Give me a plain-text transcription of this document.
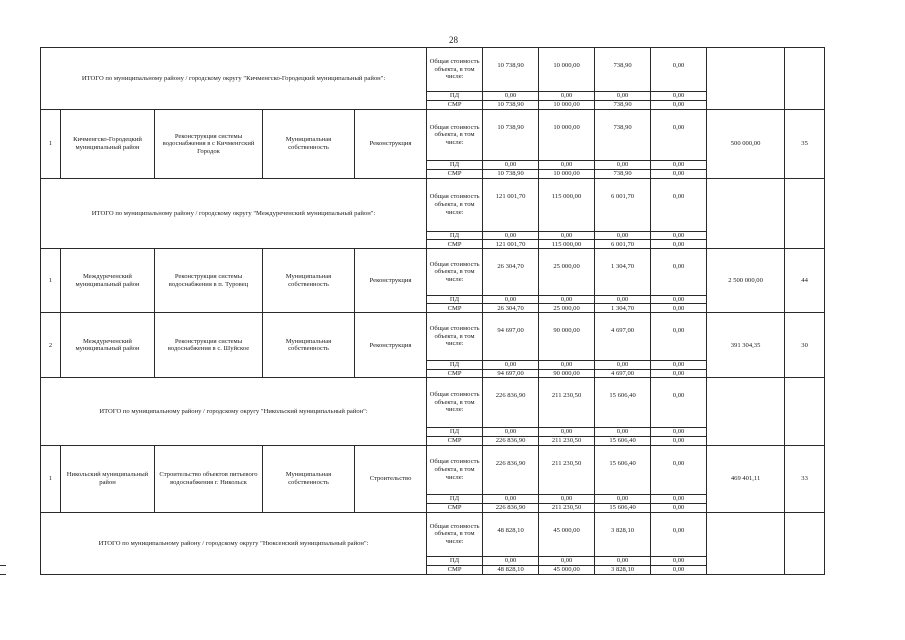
28
ИТОГО по муниципальному району / городскому округу "Кичменгско-Городецкий муниципальный район":					Общая стоимость объекта, в том числе:	10 738,90	10 000,00	738,90	0,00		
					ПД	0,00	0,00	0,00	0,00		
					СМР	10 738,90	10 000,00	738,90	0,00		
1	Кичменгско-Городецкий муниципальный район	Реконструкция системы водоснабжения в с Кичменгский Городок	Муниципальная собственность	Реконструкция	Общая стоимость объекта, в том числе:	10 738,90	10 000,00	738,90	0,00	500 000,00	35
					ПД	0,00	0,00	0,00	0,00		
					СМР	10 738,90	10 000,00	738,90	0,00		
ИТОГО по муниципальному району / городскому округу "Междуреченский муниципальный район":					Общая стоимость объекта, в том числе:	121 001,70	115 000,00	6 001,70	0,00		
					ПД	0,00	0,00	0,00	0,00		
					СМР	121 001,70	115 000,00	6 001,70	0,00		
1	Междуреченский муниципальный район	Реконструкция системы водоснабжения в п. Туровец	Муниципальная собственность	Реконструкция	Общая стоимость объекта, в том числе:	26 304,70	25 000,00	1 304,70	0,00	2 500 000,00	44
					ПД	0,00	0,00	0,00	0,00		
					СМР	26 304,70	25 000,00	1 304,70	0,00		
2	Междуреченский муниципальный район	Реконструкция системы водоснабжения в с. Шуйское	Муниципальная собственность	Реконструкция	Общая стоимость объекта, в том числе:	94 697,00	90 000,00	4 697,00	0,00	391 304,35	30
					ПД	0,00	0,00	0,00	0,00		
					СМР	94 697,00	90 000,00	4 697,00	0,00		
ИТОГО по муниципальному району / городскому округу "Никольский муниципальный район":					Общая стоимость объекта, в том числе:	226 836,90	211 230,50	15 606,40	0,00		
					ПД	0,00	0,00	0,00	0,00		
					СМР	226 836,90	211 230,50	15 606,40	0,00		
1	Никольский муниципальный район	Строительство объектов питьевого водоснабжения г. Никольск	Муниципальная собственность	Строительство	Общая стоимость объекта, в том числе:	226 836,90	211 230,50	15 606,40	0,00	469 401,11	33
					ПД	0,00	0,00	0,00	0,00		
					СМР	226 836,90	211 230,50	15 606,40	0,00		
ИТОГО по муниципальному району / городскому округу "Нюксенский муниципальный район":					Общая стоимость объекта, в том числе:	48 828,10	45 000,00	3 828,10	0,00		
					ПД	0,00	0,00	0,00	0,00		
					СМР	48 828,10	45 000,00	3 828,10	0,00		
